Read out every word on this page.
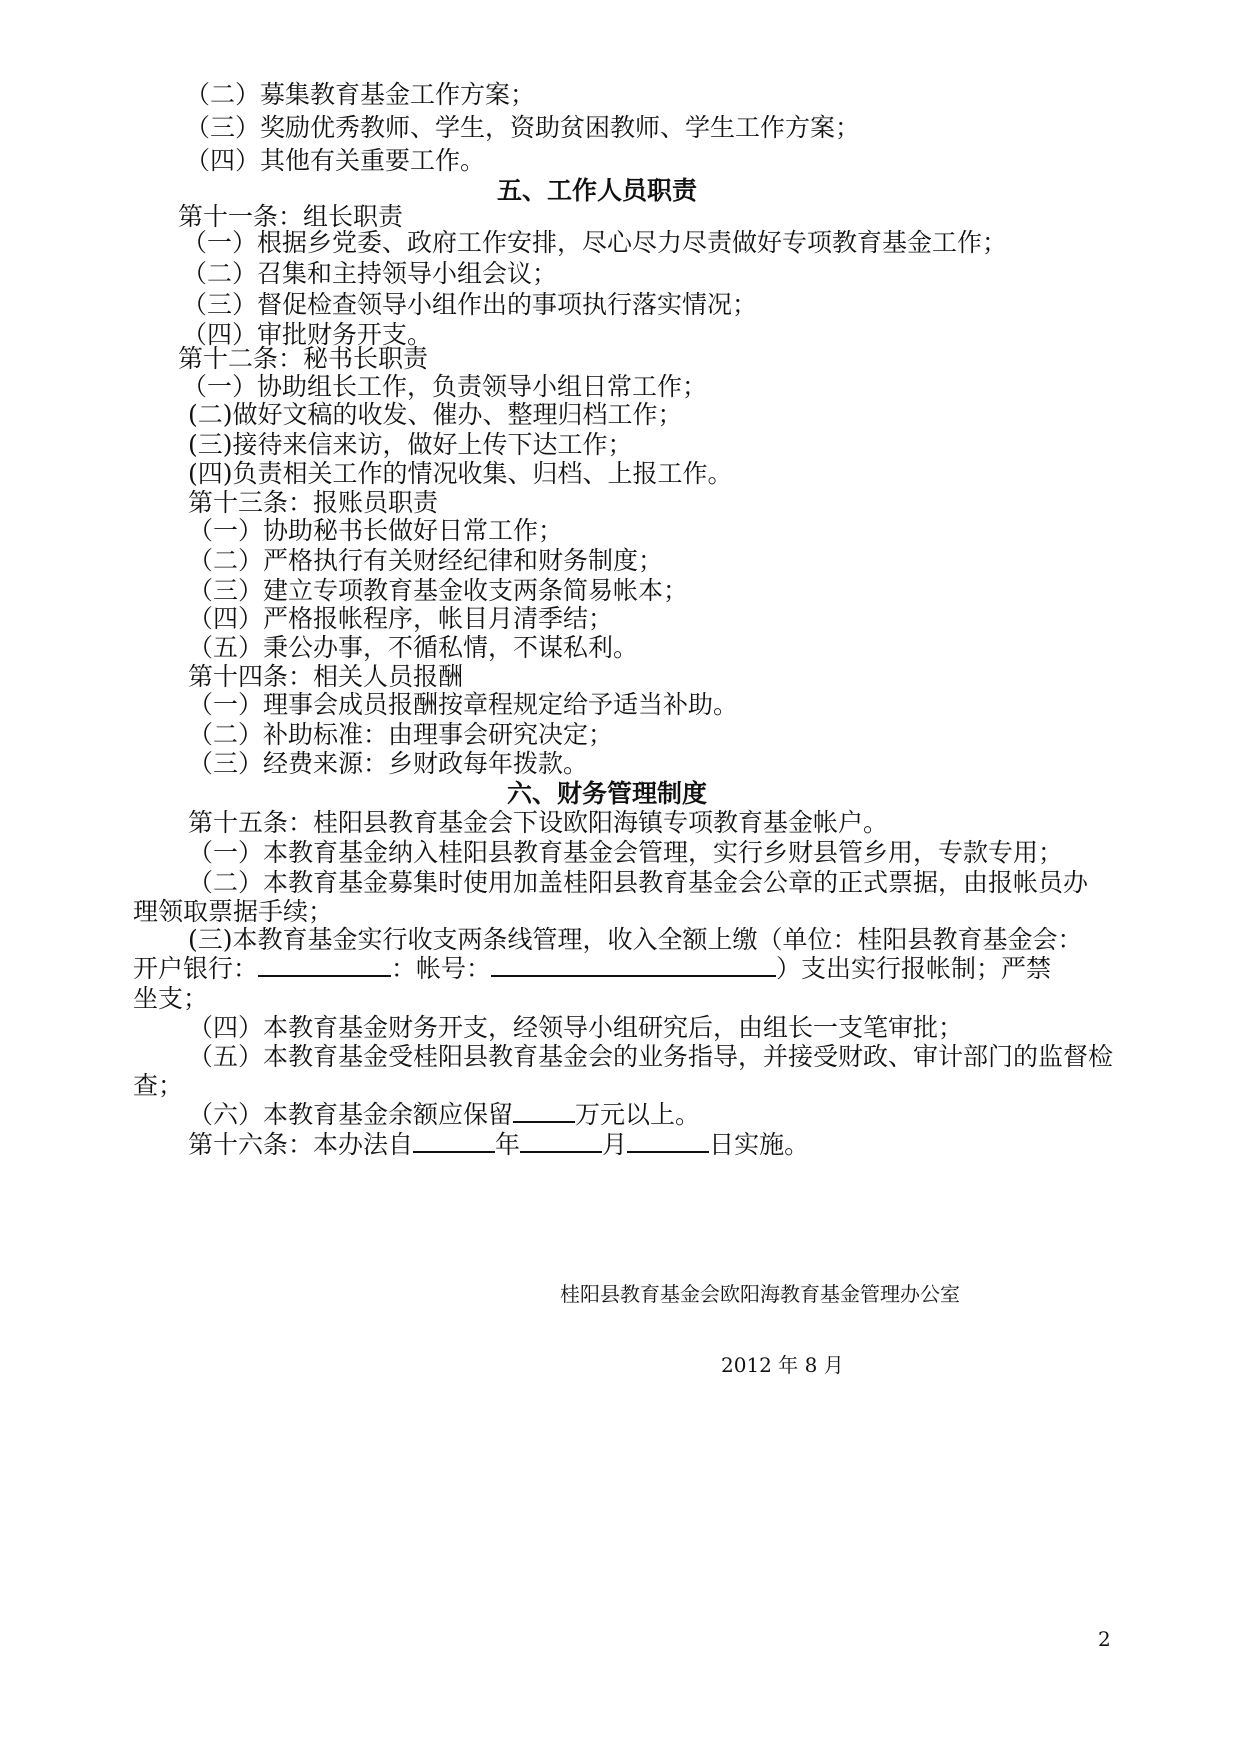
（二）募集教育基金工作方案；
（三）奖励优秀教师、学生，资助贫困教师、学生工作方案；
（四）其他有关重要工作。
五、工作人员职责
第十一条：组长职责
（一）根据乡党委、政府工作安排，尽心尽力尽责做好专项教育基金工作；
（二）召集和主持领导小组会议；
（三）督促检查领导小组作出的事项执行落实情况；
（四）审批财务开支。
第十二条：秘书长职责
（一）协助组长工作，负责领导小组日常工作；
(二)做好文稿的收发、催办、整理归档工作；
(三)接待来信来访，做好上传下达工作；
(四)负责相关工作的情况收集、归档、上报工作。
第十三条：报账员职责
（一）协助秘书长做好日常工作；
（二）严格执行有关财经纪律和财务制度；
（三）建立专项教育基金收支两条简易帐本；
（四）严格报帐程序，帐目月清季结；
（五）秉公办事，不循私情，不谋私利。
第十四条：相关人员报酬
（一）理事会成员报酬按章程规定给予适当补助。
（二）补助标准：由理事会研究决定；
（三）经费来源：乡财政每年拨款。
六、财务管理制度
第十五条：桂阳县教育基金会下设欧阳海镇专项教育基金帐户。
（一）本教育基金纳入桂阳县教育基金会管理，实行乡财县管乡用，专款专用；
（二）本教育基金募集时使用加盖桂阳县教育基金会公章的正式票据，由报帐员办
理领取票据手续；
(三)本教育基金实行收支两条线管理，收入全额上缴（单位：桂阳县教育基金会：
开户银行：	：帐号：	）支出实行报帐制；严禁
坐支；
（四）本教育基金财务开支，经领导小组研究后，由组长一支笔审批；
（五）本教育基金受桂阳县教育基金会的业务指导，并接受财政、审计部门的监督检
查；
（六）本教育基金余额应保留 万元以上。
第十六条：本办法自	年	月	日实施。
桂阳县教育基金会欧阳海教育基金管理办公室
2012 年 8 月
2
